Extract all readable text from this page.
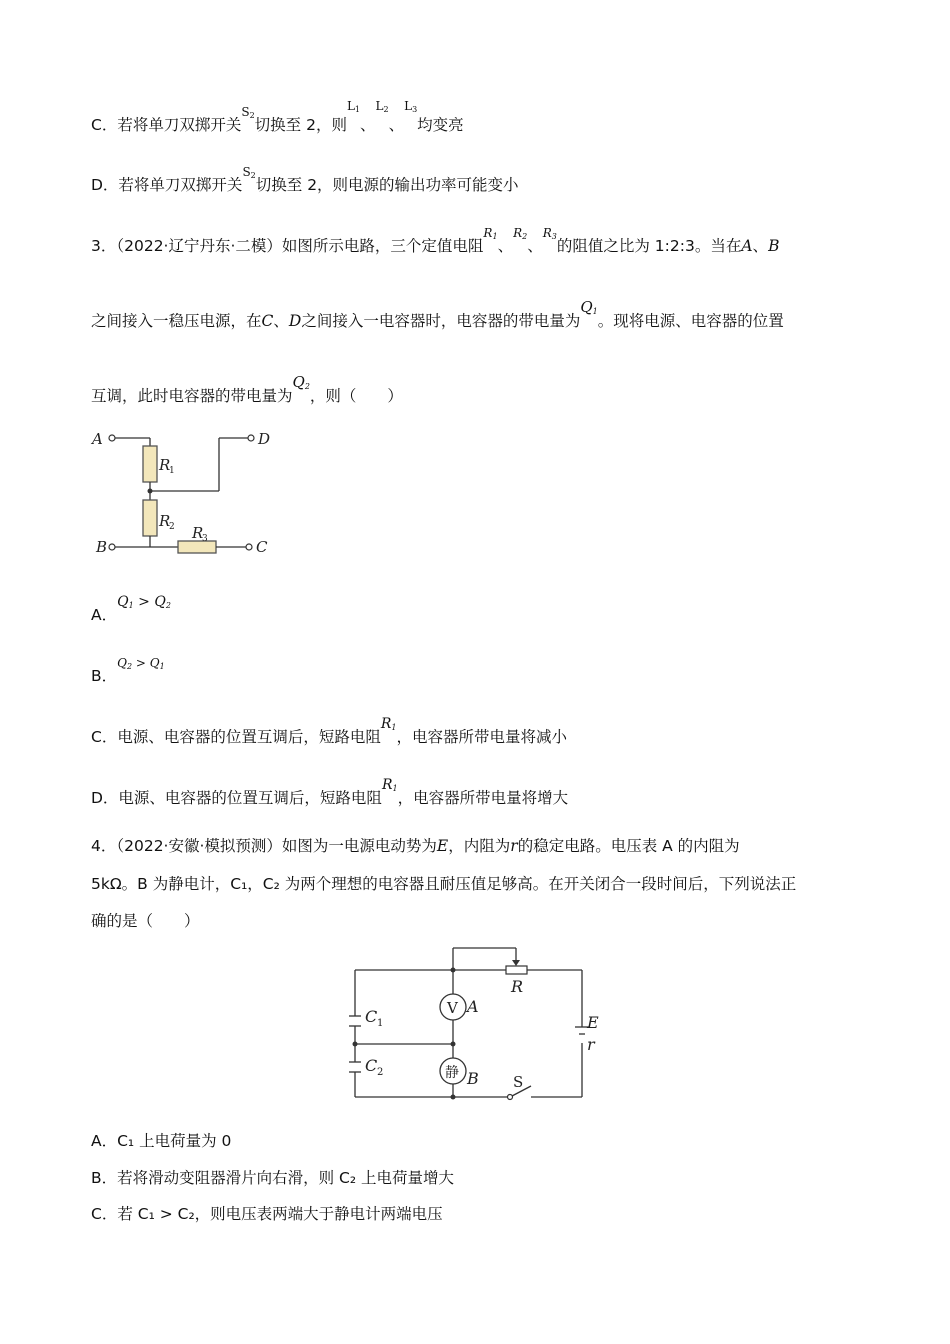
C．若将单刀双掷开关$^{S_2}$切换至 2，则$^{L_1}$、$^{L_2}$、$^{L_3}$均变亮
D．若将单刀双掷开关$^{S_2}$切换至 2，则电源的输出功率可能变小
3．（2022·辽宁丹东·二模）如图所示电路，三个定值电阻$^{R_1}$、$^{R_2}$、$^{R_3}$的阻值之比为 1:2:3。当在A、B
之间接入一稳压电源，在C、D之间接入一电容器时，电容器的带电量为$Q_1$。现将电源、电容器的位置
互调，此时电容器的带电量为$Q_2$，则（　　）
A	D
B	C
R
R
R
1
2
3
A．$Q_1 > Q_2$
B．$^{Q_2 > Q_1}$
C．电源、电容器的位置互调后，短路电阻$R_1$，电容器所带电量将减小
D．电源、电容器的位置互调后，短路电阻$R_1$，电容器所带电量将增大
4．（2022·安徽·模拟预测）如图为一电源电动势为E，内阻为r的稳定电路。电压表 A 的内阻为
5kΩ。B 为静电计，C₁，C₂ 为两个理想的电容器且耐压值足够高。在开关闭合一段时间后，下列说法正
确的是（　　）
R
E
r
C
C
A
B
1
2
V
静	S
A．C₁ 上电荷量为 0
B．若将滑动变阻器滑片向右滑，则 C₂ 上电荷量增大
C．若 C₁ > C₂，则电压表两端大于静电计两端电压
